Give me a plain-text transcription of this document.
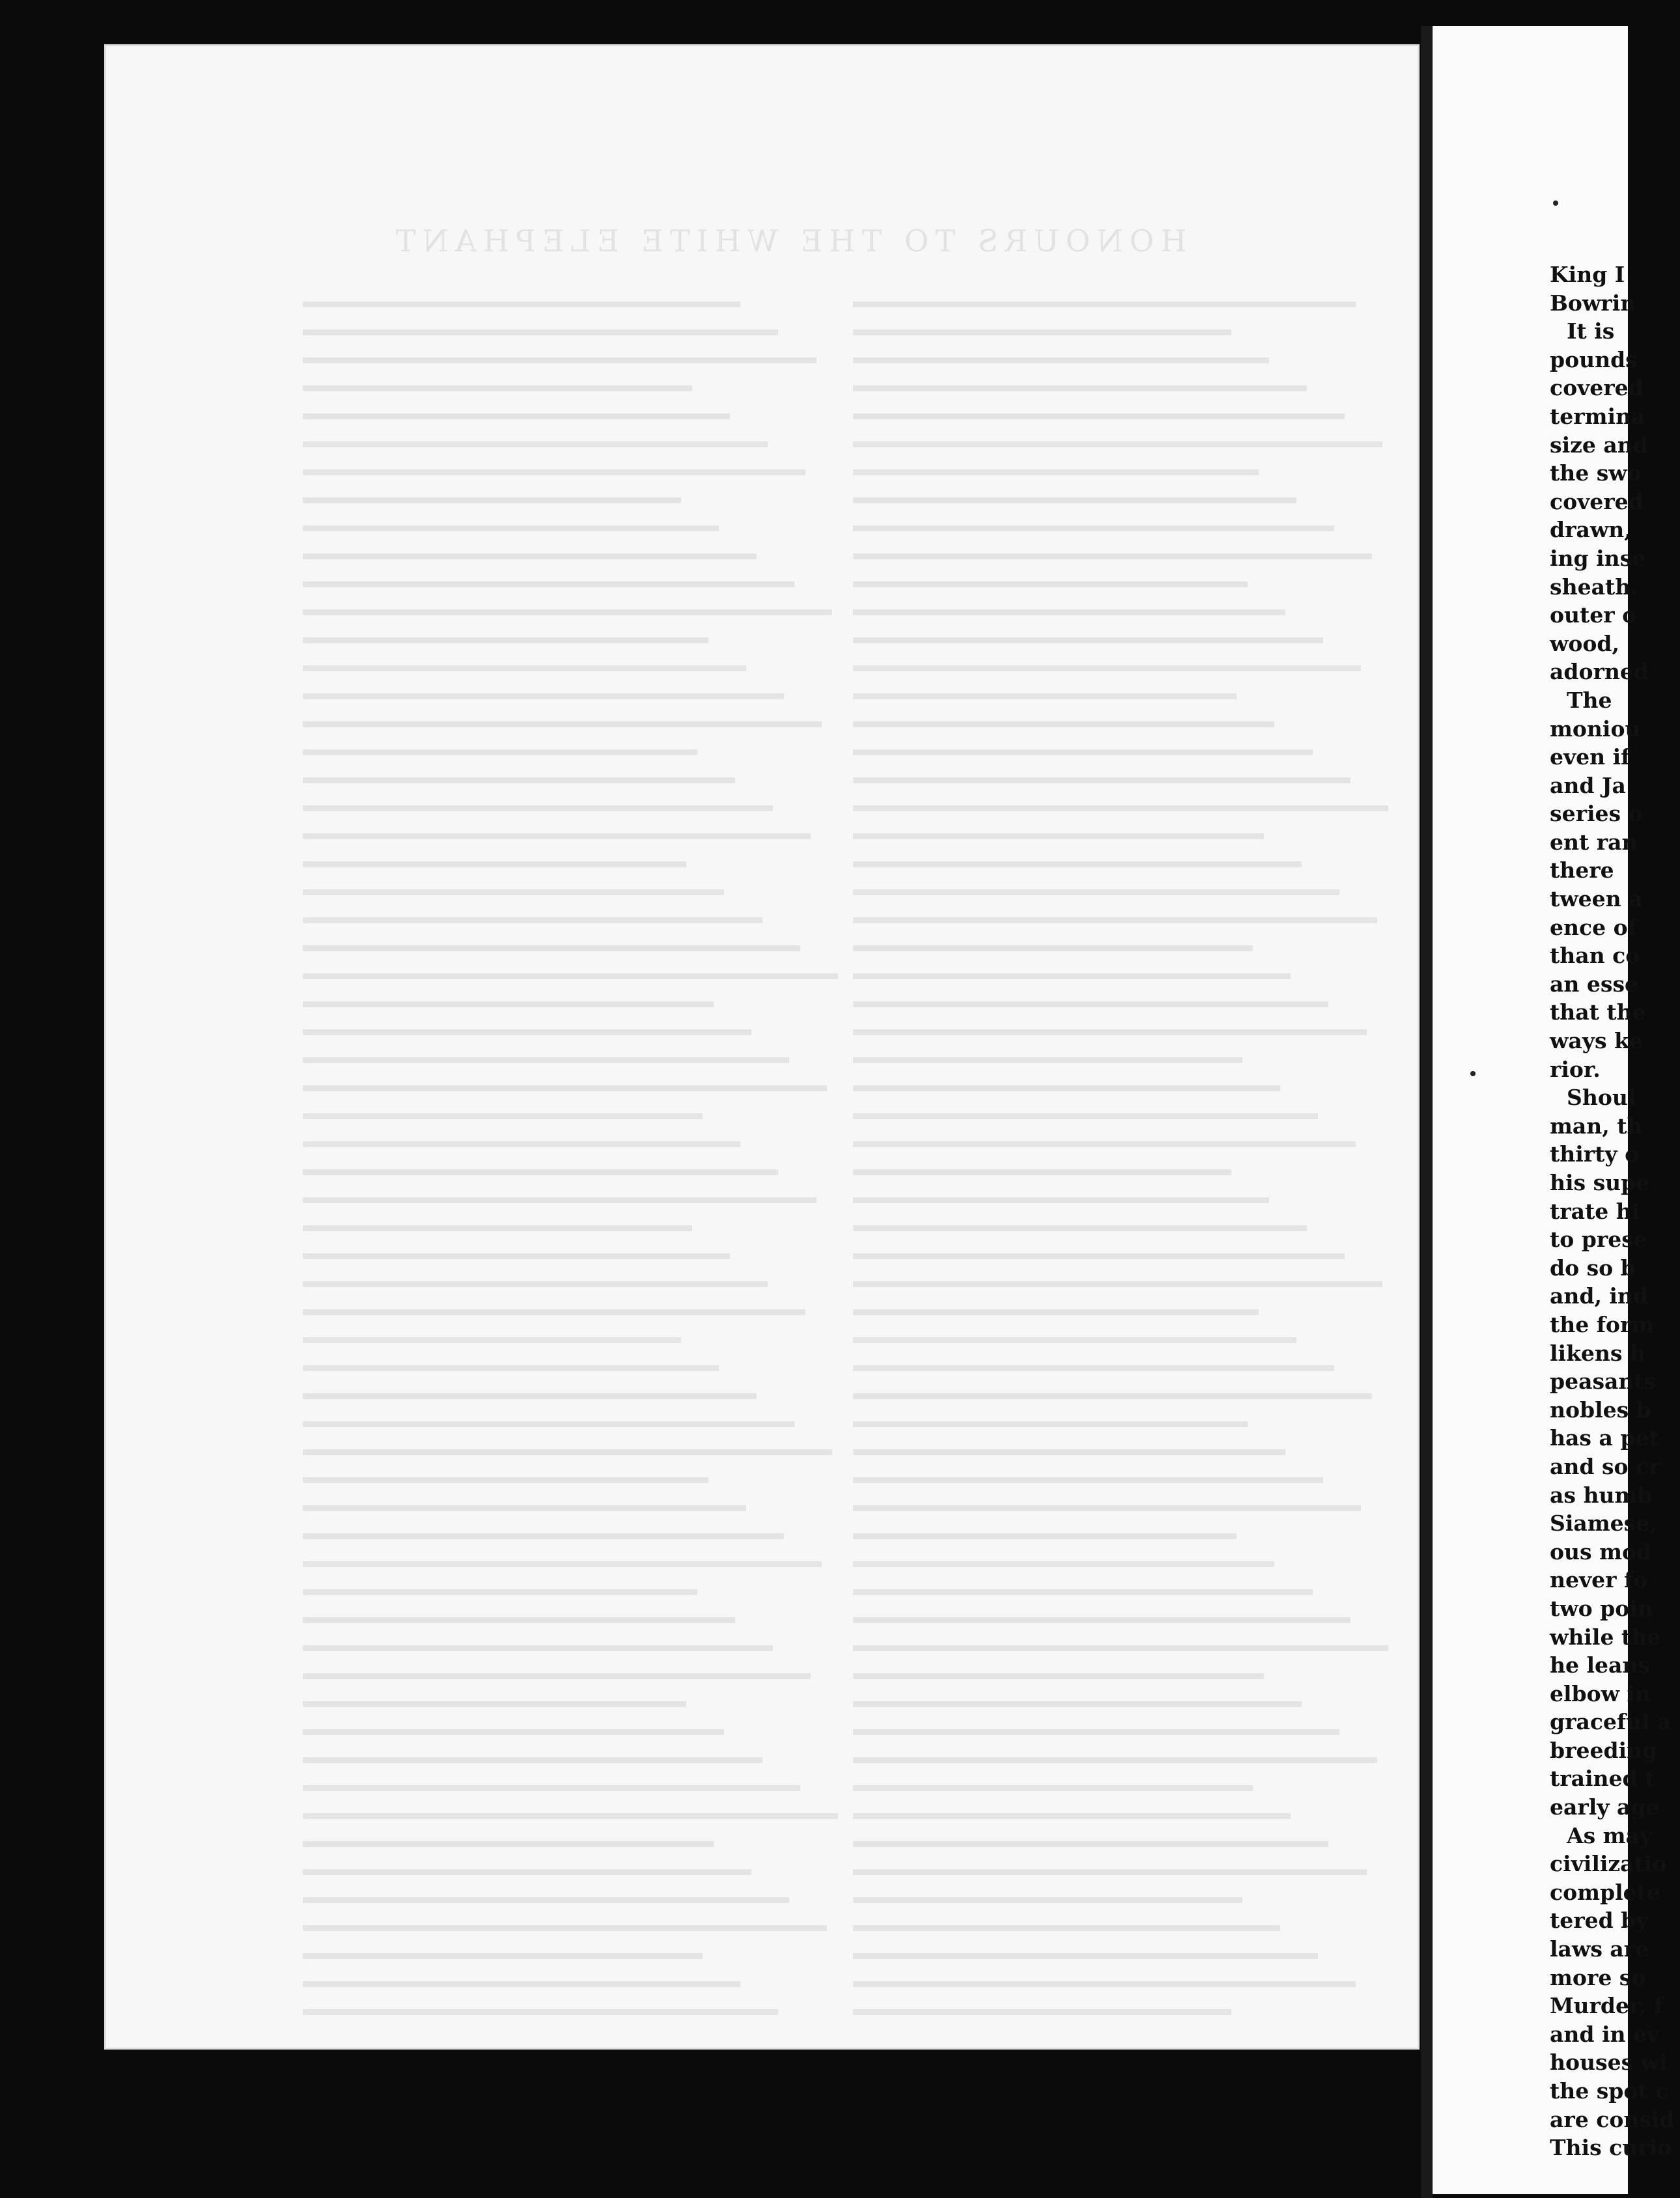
HONOURS TO THE WHITE ELEPHANT
King I
Bowrin
It is
pounds
covered
termina
size and
the swo
covered
drawn,
ing inse
sheath.
outer o
wood,
adorned
The
moniou
even if
and Ja
series o
ent ran
there
tween a
ence of
than co
an esse
that the
ways ke
rior.
Shoul
man, th
thirty o
his supe
trate hi
to prese
do so b
and, ind
the form
likens h
peasants
nobles b
has a pet
and so cr
as humb
Siamese,
ous mod
never fo
two poin
while the
he leans
elbow in
graceful a
breeding
trained t
early age
As may
civilizatio
complete
tered by
laws are
more so
Murder, f
and in ev
houses wi
the spot c
are consid
This curio
